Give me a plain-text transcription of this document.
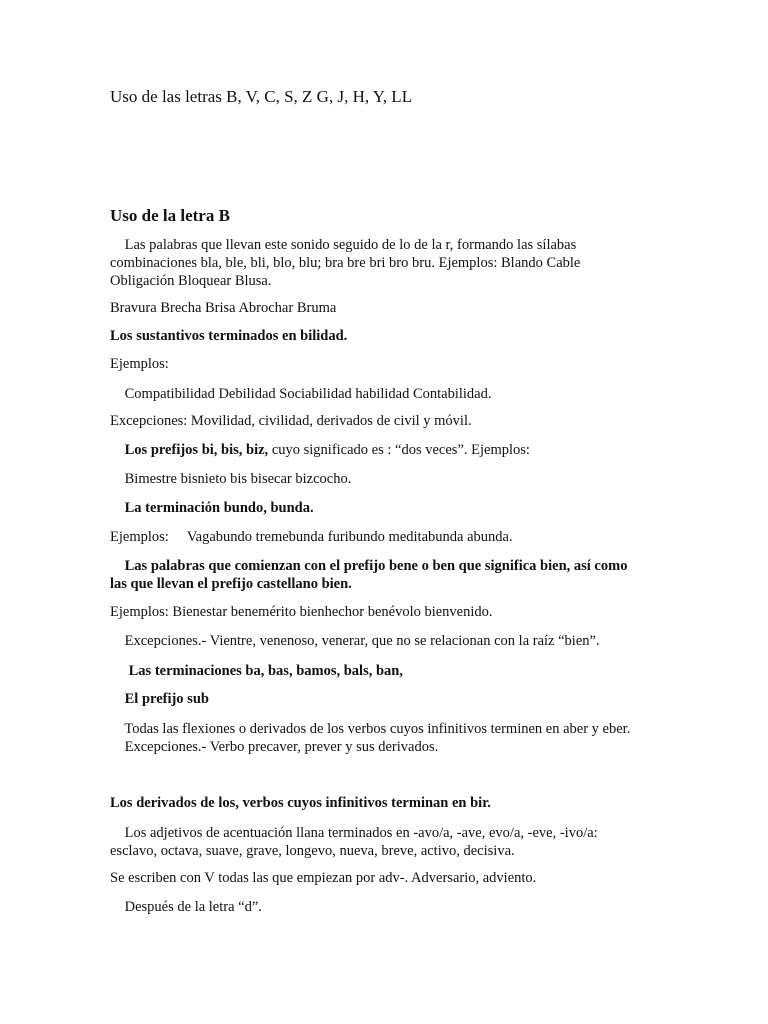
Uso de las letras B, V, C, S, Z G, J, H, Y, LL
Uso de la letra B

Las palabras que llevan este sonido seguido de lo de la r, formando las sílabas combinaciones bla, ble, bli, blo, blu; bra bre bri bro bru. Ejemplos: Blando Cable Obligación Bloquear Blusa.

Bravura Brecha Brisa Abrochar Bruma

Los sustantivos terminados en bilidad.

Ejemplos:

Compatibilidad Debilidad Sociabilidad habilidad Contabilidad.

Excepciones: Movilidad, civilidad, derivados de civil y móvil.

Los prefijos bi, bis, biz, cuyo significado es : “dos veces”. Ejemplos:

Bimestre bisnieto bis bisecar bizcocho.

La terminación bundo, bunda.

Ejemplos:  Vagabundo tremebunda furibundo meditabunda abunda.

Las palabras que comienzan con el prefijo bene o ben que significa bien, así como las que llevan el prefijo castellano bien.

Ejemplos: Bienestar benemérito bienhechor benévolo bienvenido.

Excepciones.- Vientre, venenoso, venerar, que no se relacionan con la raíz “bien”.

Las terminaciones ba, bas, bamos, bals, ban,

El prefijo sub

Todas las flexiones o derivados de los verbos cuyos infinitivos terminen en aber y eber.  Excepciones.- Verbo precaver, prever y sus derivados.

Los derivados de los, verbos cuyos infinitivos terminan en bir.

Los adjetivos de acentuación llana terminados en -avo/a, -ave, evo/a, -eve, -ivo/a: esclavo, octava, suave, grave, longevo, nueva, breve, activo, decisiva.

Se escriben con V todas las que empiezan por adv-. Adversario, adviento.

Después de la letra “d”.
